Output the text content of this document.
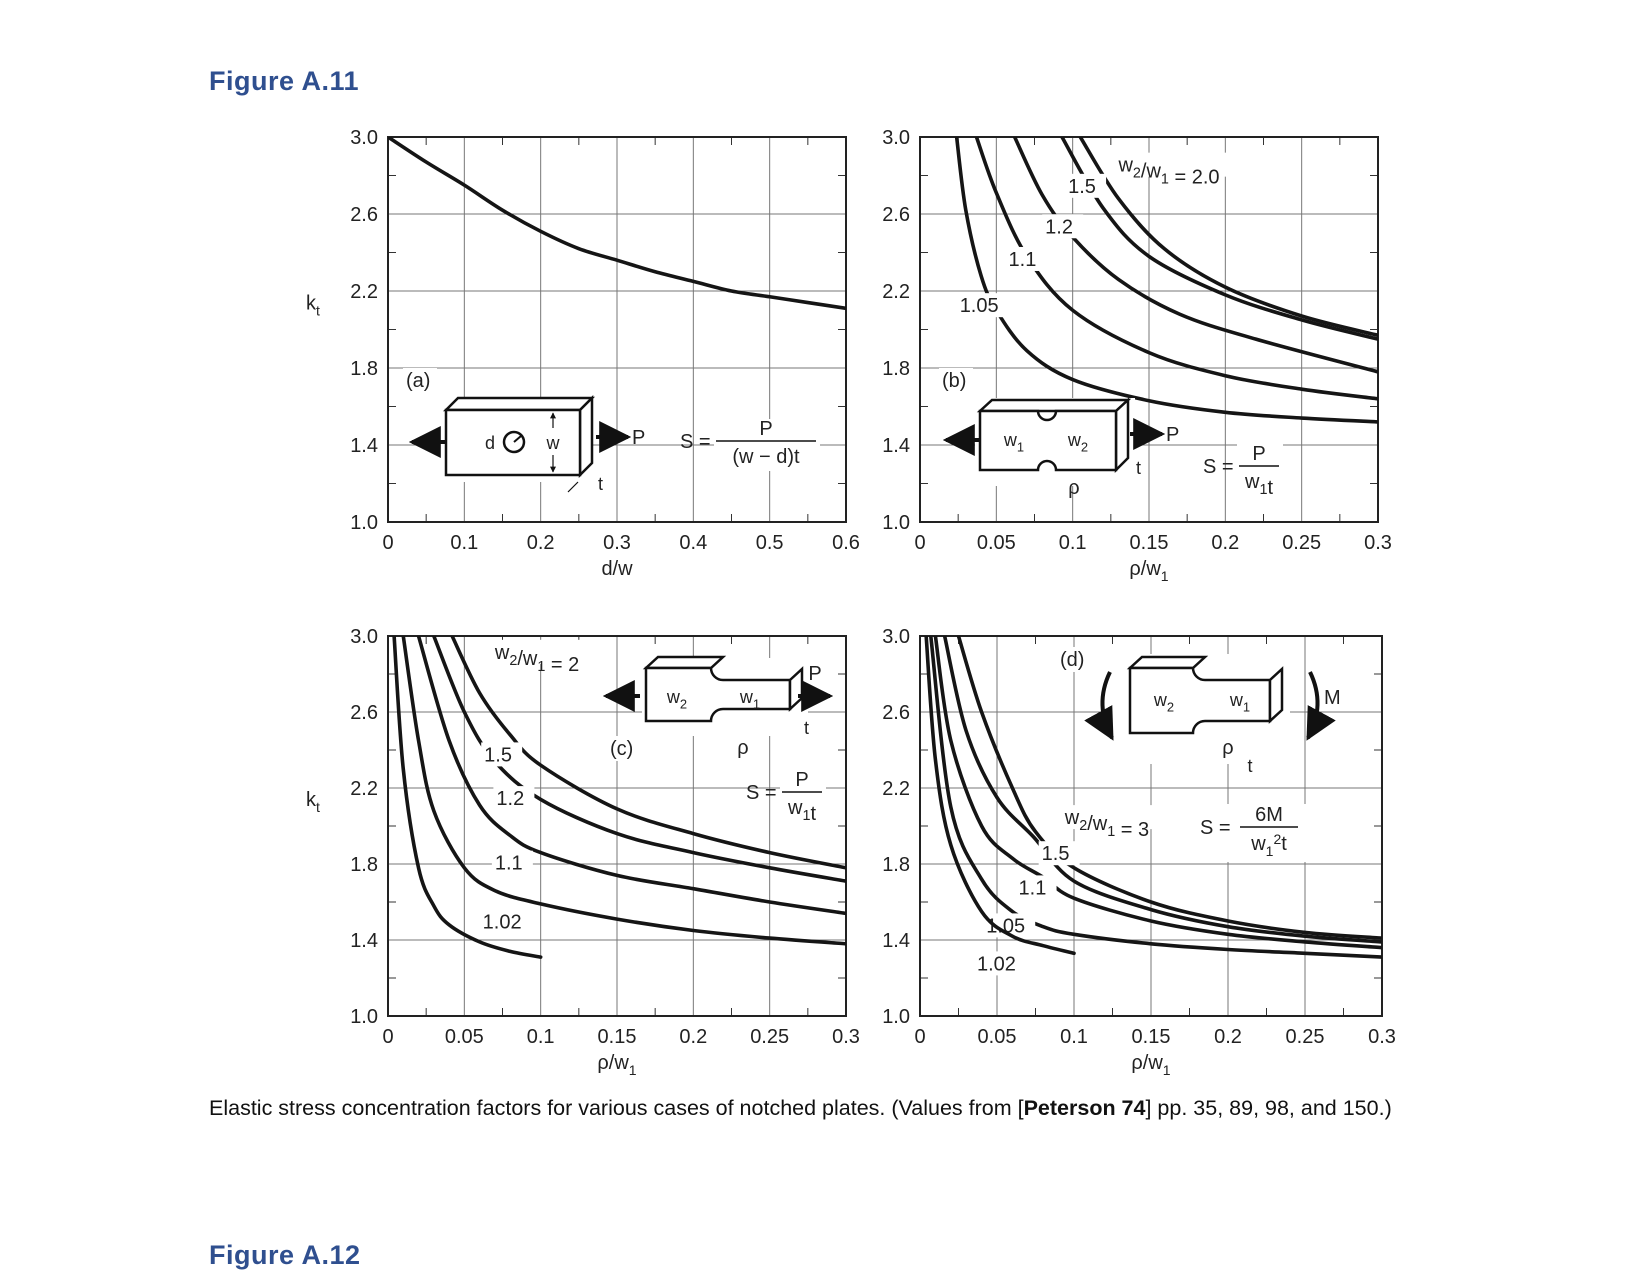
Figure A.11
0	0.1 0.2 0.3 0.4 0.5 0.6
1.0
1.4
1.8
2.2
2.6
3.0
d/w
$k_t$
(a)
0	0.05 0.1 0.15 0.2 0.25 0.3
1.0
1.4
1.8
2.2
2.6
3.0
$\rho/w_1$
$w_2/w_1 = 2.0$
1.5
1.2
1.1
1.05
(b)
0	0.05 0.1 0.15 0.2 0.25 0.3
1.0
1.4
1.8
2.2
2.6
3.0
$\rho/w_1$
$k_t$
$w_2/w_1 = 2$
1.5
1.2
1.1
1.02
(c)
0	0.05 0.1 0.15 0.2 0.25 0.3
1.0
1.4
1.8
2.2
2.6
3.0
$\rho/w_1$
$w_2/w_1 = 3$
1.5
1.1
1.05
1.02
(d)
d	w	P
t
S =
P
(w − d)t
$w_1$ $w_2$
P
ρ
t	S =
P
$w_1t$
$w_2$	$w_1$
P
ρ
t
S =
P
$w_1t$
$w_2$	$w_1$	M
ρ
t
S =
6M
$w_1^2t$
Elastic stress concentration factors for various cases of notched plates. (Values from [Peterson 74] pp. 35, 89, 98, and 150.)
Figure A.12
